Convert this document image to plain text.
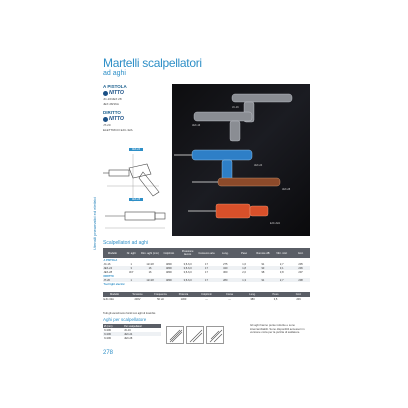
Utensili pneumatici ed elettrici
Martelli scalpellatori
ad aghi
A PISTOLA
NITTO
JC-16/JEX 28
JEX 28/16A
DIRITTO
NITTO
JT-20
ELETTRICO EJC-32A
JEX-24
JEX-28
JC-16
JEX-16
JEX-24
JEX-28
EJC-32A
Scalpellatori ad aghi
Modello	Nr. aghi	Dim. aghi (mm)	Colpi/min	Pressione lavoro	Consumo aria	Lung.	Peso	Rumore dB	Vibr. m/s²	Cod.
A PISTOLA										
JC-16	1	12×18	4800	3,5-6,0	17	275	1,6	91	2,7	205
JEX-24	3	16	4800	3,5-6,0	17	340	1,8	93	3,1	206
JEX-28	3/4"	16	4800	3,5-6,0	17	360	2,0	98	3,8	207
DIRITTO										
JT-20	1	12×18	4800	3,5-6,0	17	280	1,3	91	2,7	208
Tool light electric										
Modello	Tensione	Frequenza	Potenza	Colpi/min	Corsa	Lung.	Peso	Cod.
EJC-32A	230V	50 Hz	1300	—	—	380	3,5	209
Tutti gli utensili sono forniti con aghi di ricambio
Aghi per scalpellatore
Ø (mm)	Per scalpellatori
3×180	JC-16
3×180	JEX-24
3×180	JEX-28
Gli aghi hanno punte indurite e sono intercambiabili. Sono disponibili accessori in versione corta per la pulizia di saldature.
278
